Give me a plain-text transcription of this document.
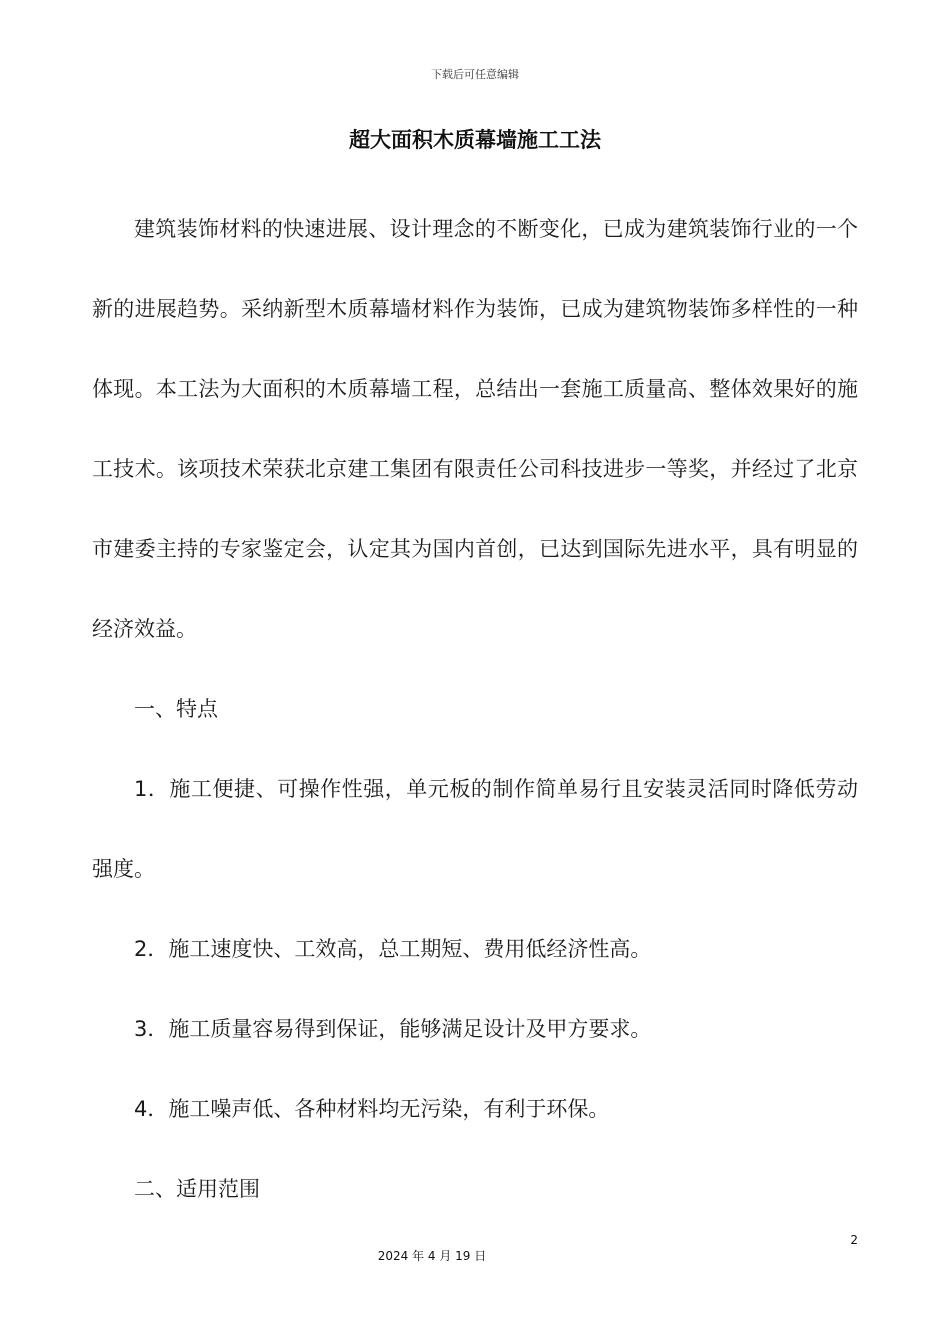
下载后可任意编辑
超大面积木质幕墙施工工法

建筑装饰材料的快速进展、设计理念的不断变化，已成为建筑装饰行业的一个新的进展趋势。采纳新型木质幕墙材料作为装饰，已成为建筑物装饰多样性的一种体现。本工法为大面积的木质幕墙工程，总结出一套施工质量高、整体效果好的施工技术。该项技术荣获北京建工集团有限责任公司科技进步一等奖，并经过了北京市建委主持的专家鉴定会，认定其为国内首创，已达到国际先进水平，具有明显的经济效益。

一、特点

1．施工便捷、可操作性强，单元板的制作简单易行且安装灵活同时降低劳动强度。

2．施工速度快、工效高，总工期短、费用低经济性高。

3．施工质量容易得到保证，能够满足设计及甲方要求。

4．施工噪声低、各种材料均无污染，有利于环保。

二、适用范围

2
2024 年 4 月 19 日
